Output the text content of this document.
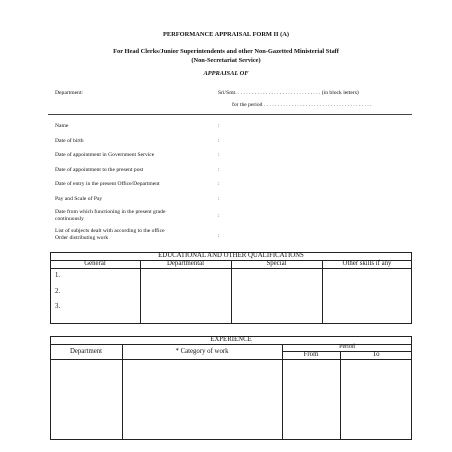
PERFORMANCE APPRAISAL FORM II (A)
For Head Clerks/Junior Superintendents and other Non-Gazetted Ministerial Staff
(Non-Secretariat Service)
APPRAISAL OF
Department:	Sri/Smt. . . . . . . . . . . . . . . . . . . . . . . . . . . . . . . (in block letters)
for the period . . . . . . . . . . . . . . . . . . . . . . . . . . . . . . . . . . . . . . .
Name	:
Date of birth	:
Date of appointment in Government Service	:
Date of appointment to the present post	:
Date of entry in the present Office/Department	:
Pay and Scale of Pay	:
Date from which functioning in the present grade
continuously	:
List of subjects dealt with according to the office
Order distributing work	:
EDUCATIONAL AND OTHER QUALIFICATIONS
General	Departmental	Special	Other skills if any
1.
2.
3.
EXPERIENCE
Department	* Category of work
Period
From	To
